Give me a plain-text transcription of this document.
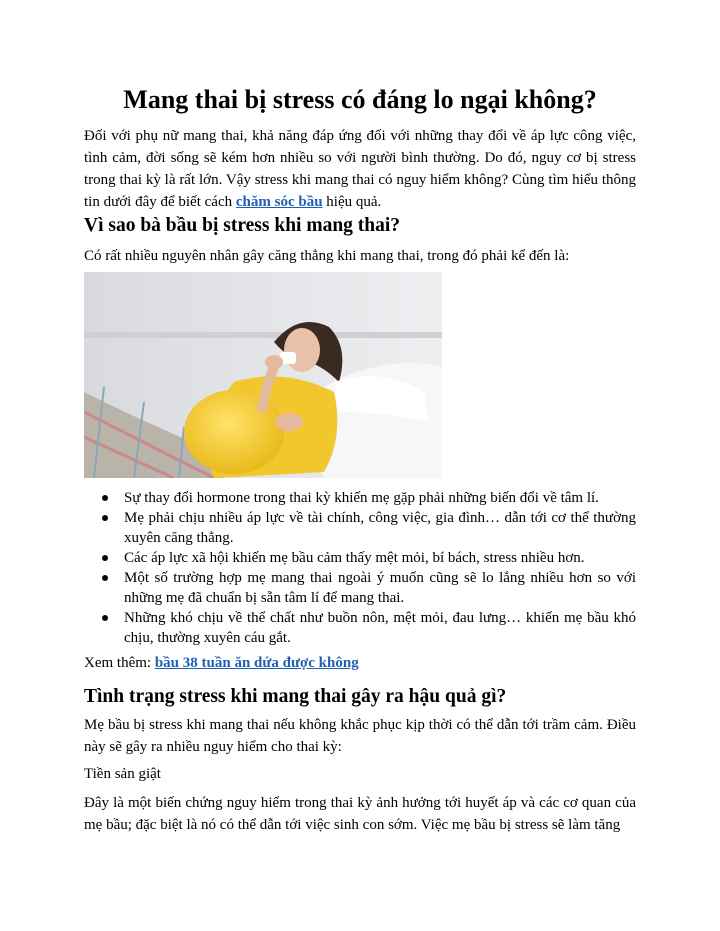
Mang thai bị stress có đáng lo ngại không?

Đối với phụ nữ mang thai, khả năng đáp ứng đối với những thay đổi về áp lực công việc, tình cảm, đời sống sẽ kém hơn nhiều so với người bình thường. Do đó, nguy cơ bị stress trong thai kỳ là rất lớn. Vậy stress khi mang thai có nguy hiểm không? Cùng tìm hiểu thông tin dưới đây để biết cách chăm sóc bầu hiệu quả.

Vì sao bà bầu bị stress khi mang thai?

Có rất nhiều nguyên nhân gây căng thẳng khi mang thai, trong đó phải kể đến là:

Sự thay đổi hormone trong thai kỳ khiến mẹ gặp phải những biến đổi về tâm lí.
Mẹ phải chịu nhiều áp lực về tài chính, công việc, gia đình… dẫn tới cơ thể thường xuyên căng thẳng.
Các áp lực xã hội khiến mẹ bầu cảm thấy mệt mỏi, bí bách, stress nhiều hơn.
Một số trường hợp mẹ mang thai ngoài ý muốn cũng sẽ lo lắng nhiều hơn so với những mẹ đã chuẩn bị sẵn tâm lí để mang thai.
Những khó chịu về thể chất như buồn nôn, mệt mỏi, đau lưng… khiến mẹ bầu khó chịu, thường xuyên cáu gắt.

Xem thêm: bầu 38 tuần ăn dứa được không

Tình trạng stress khi mang thai gây ra hậu quả gì?

Mẹ bầu bị stress khi mang thai nếu không khắc phục kịp thời có thể dẫn tới trầm cảm. Điều này sẽ gây ra nhiều nguy hiểm cho thai kỳ:

Tiền sản giật

Đây là một biến chứng nguy hiểm trong thai kỳ ảnh hưởng tới huyết áp và các cơ quan của mẹ bầu; đặc biệt là nó có thể dẫn tới việc sinh con sớm. Việc mẹ bầu bị stress sẽ làm tăng
